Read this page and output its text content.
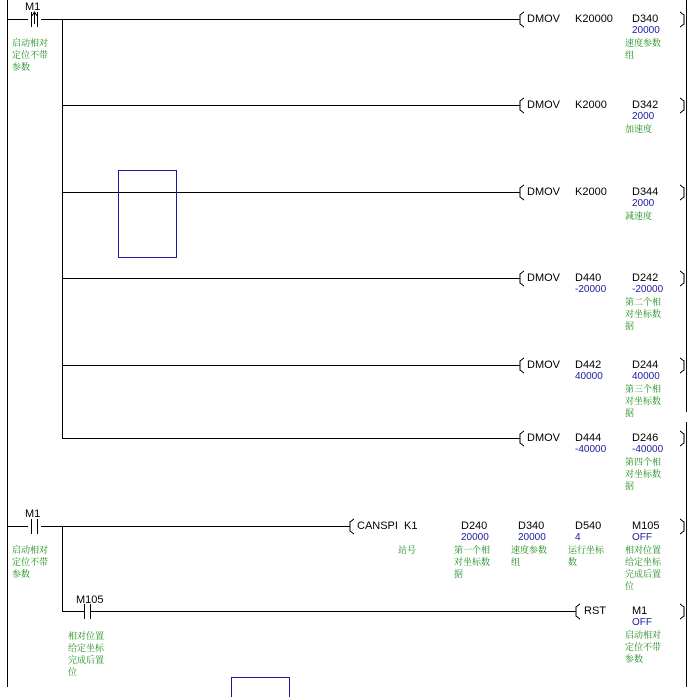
M1
启动相对
定位不带
参数
DMOV K20000 D340
20000
速度参数
组
DMOV K2000 D342
2000
加速度
DMOV K2000 D344
2000
减速度
DMOV D440
-20000
D242
-20000
第二个相
对坐标数
据
DMOV D442
40000
D244
40000
第三个相
对坐标数
据
DMOV D444
-40000
D246
-40000
第四个相
对坐标数
据
M1
启动相对
定位不带
参数
CANSPI K1
站号
D240
20000
第一个相
对坐标数
据
D340
20000
速度参数
组
D540
4
运行坐标
数
M105
OFF
相对位置
给定坐标
完成后置
位
M105
相对位置
给定坐标
完成后置
位
RST M1
OFF
启动相对
定位不带
参数
